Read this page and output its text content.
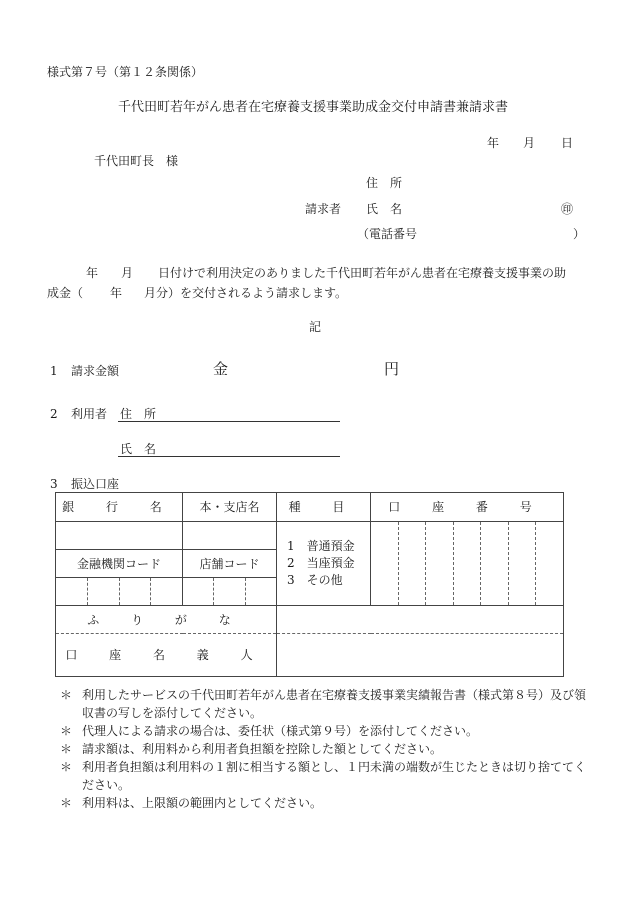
様式第７号（第１２条関係）
千代田町若年がん患者在宅療養支援事業助成金交付申請書兼請求書
年 月 日
千代田町長　様
住　所
請求者 氏　名	㊞
（電話番号	）
年 月 日付けで利用決定のありました千代田町若年がん患者在宅療養支援事業の助
成金（ 年 月分）を交付されるよう請求します。
記
1 請求金額	金	円
2 利用者 住　所
氏　名
3 振込口座
銀 行 名	本・支店名	種 目	口 座 番 号

		1　普通預金
2　当座預金
3　その他	

金融機関コード	店舗コード		

ふ り が な			
口 座 名 義 人			
＊ 利用したサービスの千代田町若年がん患者在宅療養支援事業実績報告書（様式第８号）及び領収書の写しを添付してください。
＊ 代理人による請求の場合は、委任状（様式第９号）を添付してください。
＊ 請求額は、利用料から利用者負担額を控除した額としてください。
＊ 利用者負担額は利用料の１割に相当する額とし、１円未満の端数が生じたときは切り捨ててください。
＊ 利用料は、上限額の範囲内としてください。
